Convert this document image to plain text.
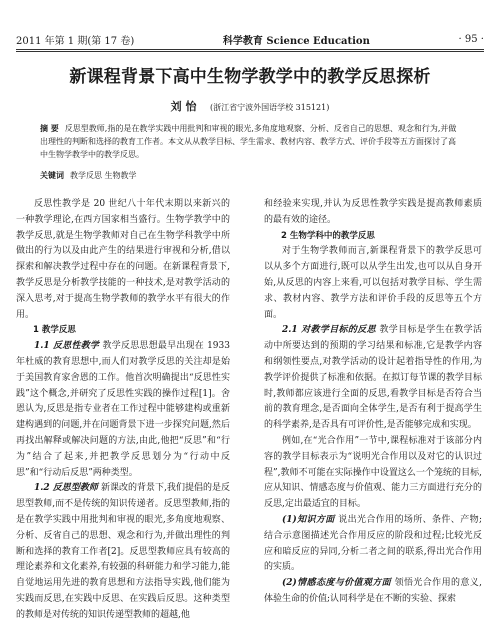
2011 年第 1 期(第 17 卷)	科学教育 Science Education	· 95 ·
新课程背景下高中生物学教学中的教学反思探析
刘 怡 (浙江省宁波外国语学校 315121)
摘 要 反思型教师,指的是在教学实践中用批判和审视的眼光,多角度地观察、分析、反省自己的思想、观念和行为,并做出理性的判断和选择的教育工作者。本文从从教学目标、学生需求、教材内容、教学方式、评价手段等五方面探讨了高中生物学教学中的教学反思。
关键词 教学反思 生物教学

反思性教学是 20 世纪八十年代末期以来新兴的一种教学理论,在西方国家相当盛行。生物学教学中的教学反思,就是生物学教师对自己在生物学科教学中所做出的行为以及由此产生的结果进行审视和分析,借以探索和解决教学过程中存在的问题。在新课程背景下,教学反思是分析教学技能的一种技术,是对教学活动的深入思考,对于提高生物学教师的教学水平有很大的作用。

1 教学反思

1.1 反思性教学 教学反思思想最早出现在 1933 年杜威的教育思想中,而人们对教学反思的关注却是始于美国教育家舍恩的工作。他首次明确提出“反思性实践”这个概念,并研究了反思性实践的操作过程[1]。舍恩认为,反思是指专业者在工作过程中能够建构或重新建构遇到的问题,并在问题背景下进一步探究问题,然后再找出解释或解决问题的方法,由此,他把“反思”和“行为”结合了起来,并把教学反思划分为“行动中反思”和“行动后反思”两种类型。

1.2 反思型教师 新课改的背景下,我们提倡的是反思型教师,而不是传统的知识传递者。反思型教师,指的是在教学实践中用批判和审视的眼光,多角度地观察、分析、反省自己的思想、观念和行为,并做出理性的判断和选择的教育工作者[2]。反思型教师应具有较高的理论素养和文化素养,有较强的科研能力和学习能力,能自觉地运用先进的教育思想和方法指导实践,他们能为实践而反思,在实践中反思、在实践后反思。这种类型的教师是对传统的知识传递型教师的超越,他

和经验来实现,并认为反思性教学实践是提高教师素质的最有效的途径。

2 生物学科中的教学反思

对于生物学教师而言,新课程背景下的教学反思可以从多个方面进行,既可以从学生出发,也可以从自身开始,从反思的内容上来看,可以包括对教学目标、学生需求、教材内容、教学方法和评价手段的反思等五个方面。

2.1 对教学目标的反思 教学目标是学生在教学活动中所要达到的预期的学习结果和标准,它是教学内容和纲领性要点,对教学活动的设计起着指导性的作用,为教学评价提供了标准和依据。在拟订每节课的教学目标时,教师都应该进行全面的反思,看教学目标是否符合当前的教育理念,是否面向全体学生,是否有利于提高学生的科学素养,是否具有可评价性,是否能够完成和实现。

例如,在“光合作用”一节中,课程标准对于该部分内容的教学目标表示为“说明光合作用以及对它的认识过程”,教师不可能在实际操作中设置这么一个笼统的目标,应从知识、情感态度与价值观、能力三方面进行充分的反思,定出最适宜的目标。

(1)知识方面 说出光合作用的场所、条件、产物;结合示意图描述光合作用反应的阶段和过程;比较光反应和暗反应的异同,分析二者之间的联系,得出光合作用的实质。

(2)情感态度与价值观方面 领悟光合作用的意义,体验生命的价值;认同科学是在不断的实验、探索
